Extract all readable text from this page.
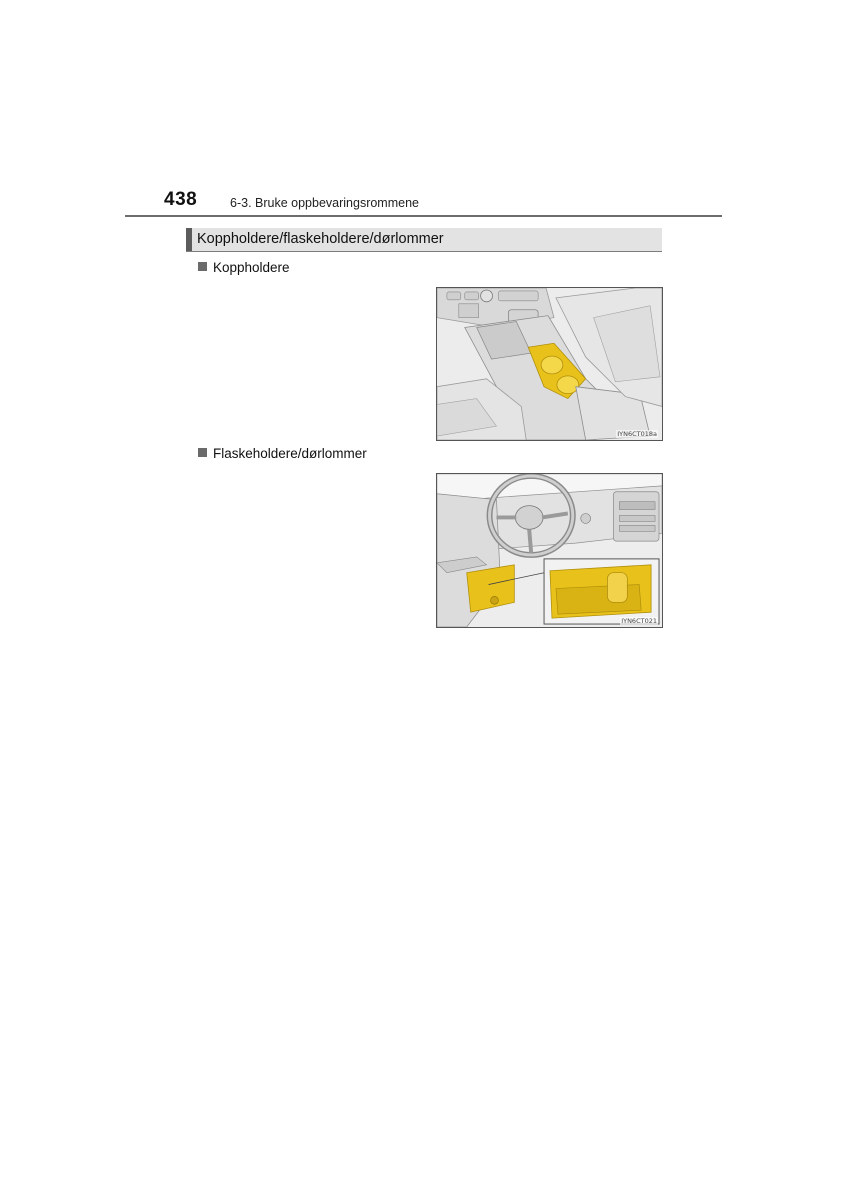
438	6-3. Bruke oppbevaringsrommene
Koppholdere/flaskeholdere/dørlommer
Koppholdere
IYN6CT018a
Flaskeholdere/dørlommer
IYN6CT021
